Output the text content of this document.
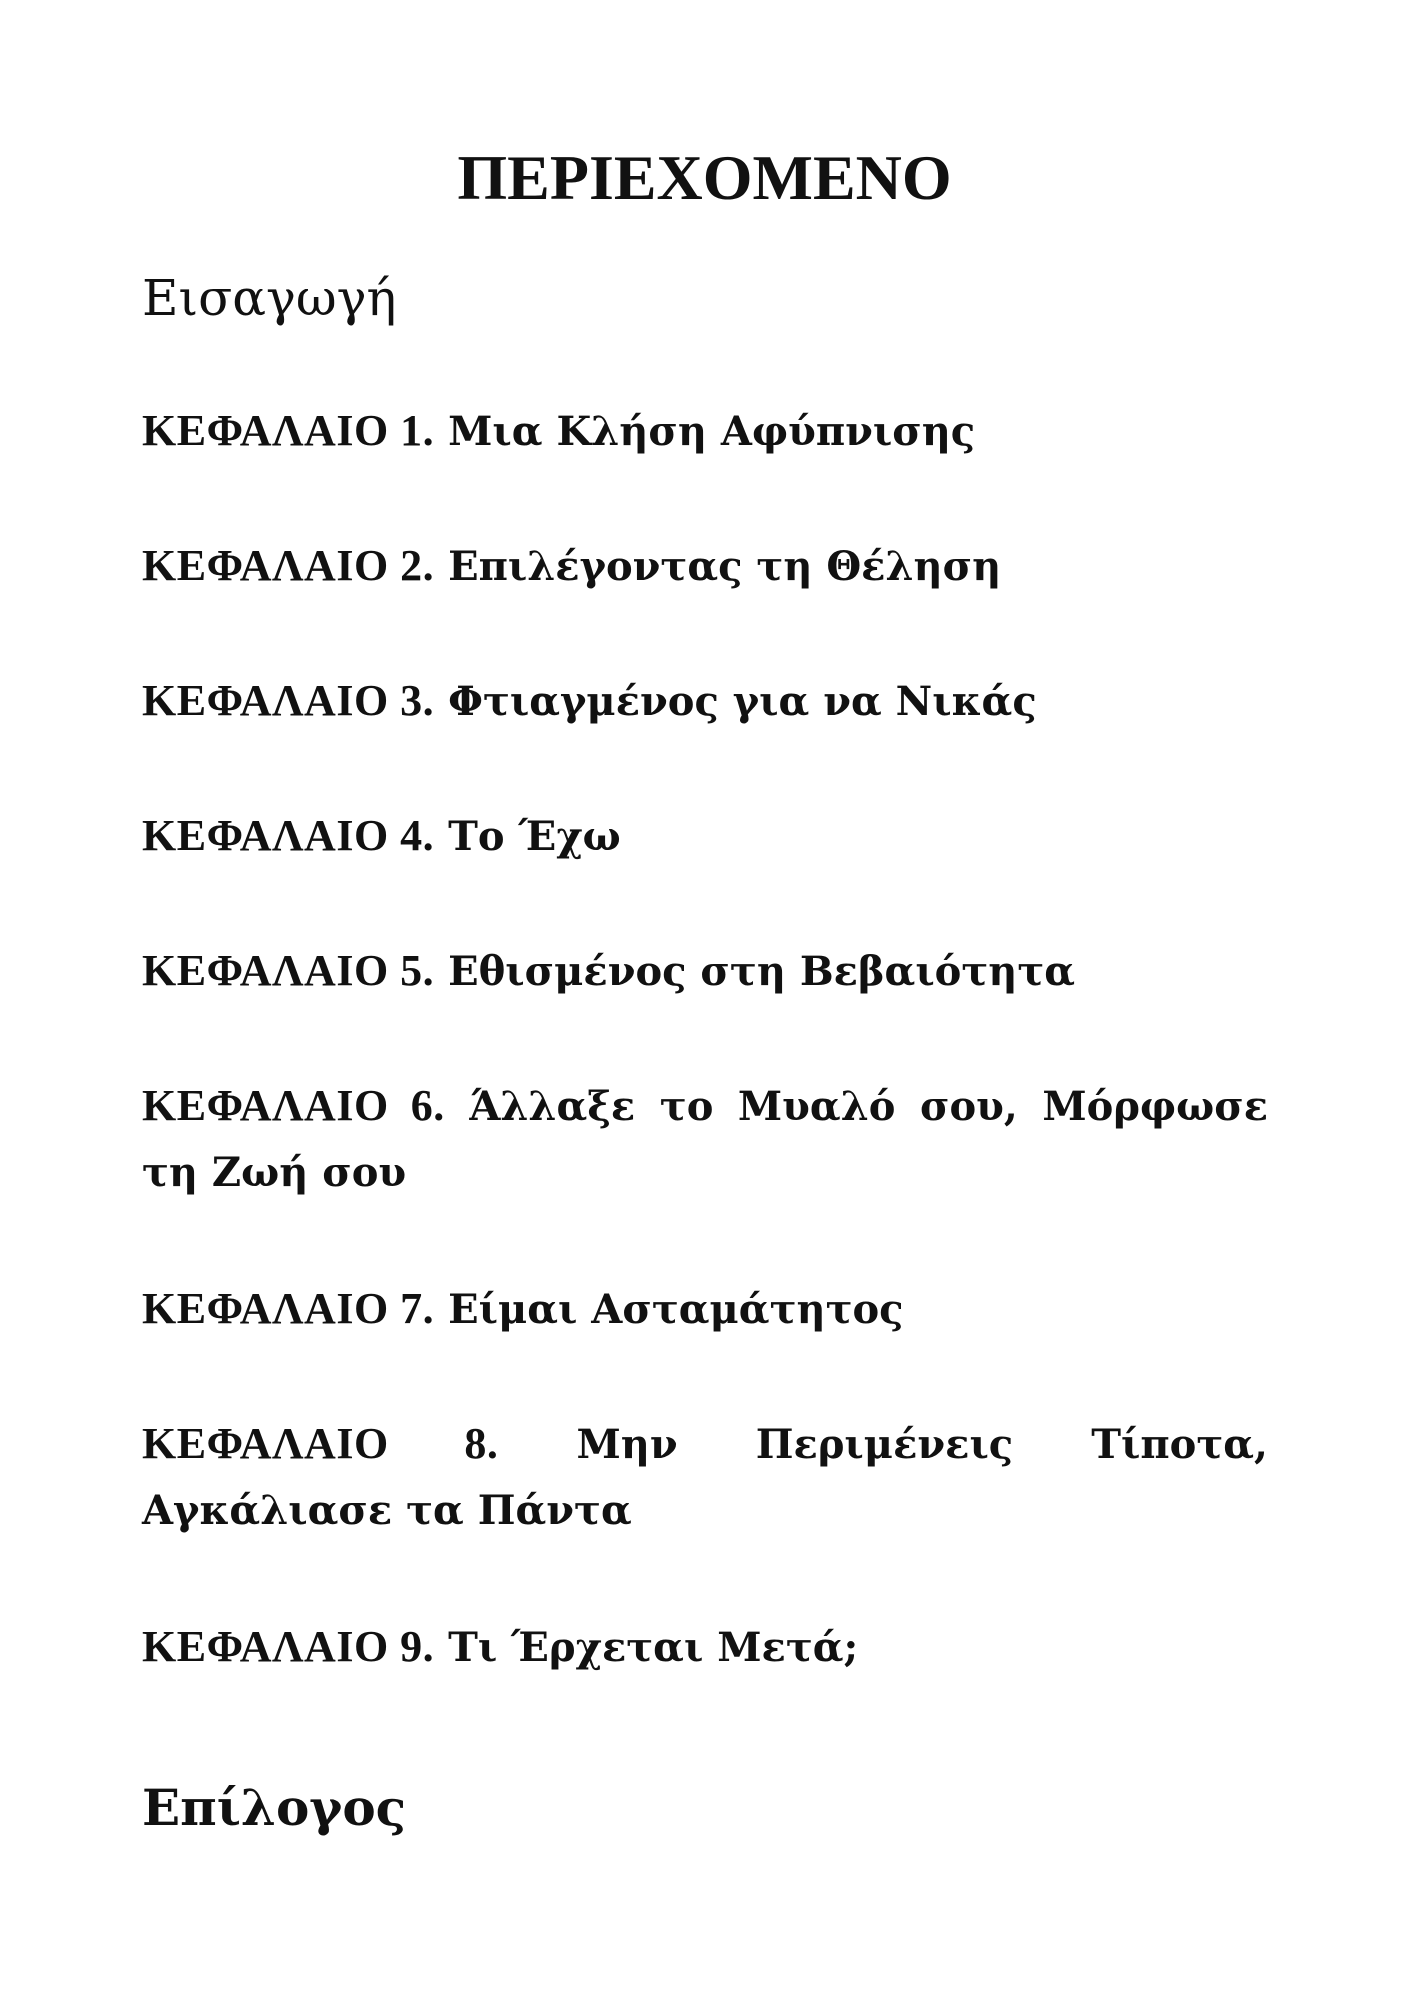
ΠΕΡΙΕΧΟΜΕΝΟ
Εισαγωγή
ΚΕΦΑΛΑΙΟ 1. Μια Κλήση Αφύπνισης
ΚΕΦΑΛΑΙΟ 2. Επιλέγοντας τη Θέληση
ΚΕΦΑΛΑΙΟ 3. Φτιαγμένος για να Νικάς
ΚΕΦΑΛΑΙΟ 4. Το Έχω
ΚΕΦΑΛΑΙΟ 5. Εθισμένος στη Βεβαιότητα
ΚΕΦΑΛΑΙΟ 6. Άλλαξε το Μυαλό σου, Μόρφωσε τη Ζωή σου
ΚΕΦΑΛΑΙΟ 7. Είμαι Ασταμάτητος
ΚΕΦΑΛΑΙΟ 8. Μην Περιμένεις Τίποτα, Αγκάλιασε τα Πάντα
ΚΕΦΑΛΑΙΟ 9. Τι Έρχεται Μετά;
Επίλογος
